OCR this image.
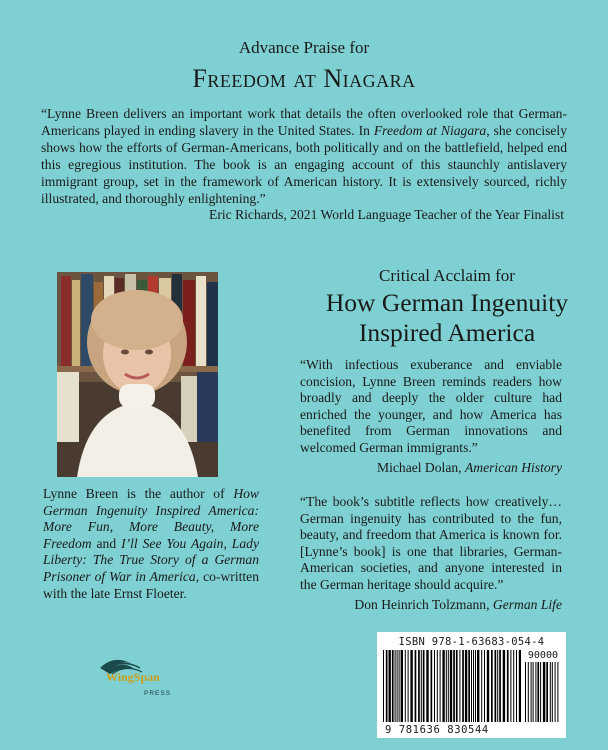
Advance Praise for
Freedom at Niagara
“Lynne Breen delivers an important work that details the often overlooked role that German-Americans played in ending slavery in the United States. In Freedom at Niagara, she concisely shows how the efforts of German-Americans, both politically and on the battlefield, helped end this egregious institution. The book is an engaging account of this staunchly antislavery immigrant group, set in the framework of American history. It is extensively sourced, richly illustrated, and thoroughly enlightening.”
Eric Richards, 2021 World Language Teacher of the Year Finalist
Lynne Breen is the author of How German Ingenuity Inspired America: More Fun, More Beauty, More Freedom and I’ll See You Again, Lady Liberty: The True Story of a German Prisoner of War in America, co-written with the late Ernst Floeter.
Critical Acclaim for
How German Ingenuity
Inspired America
“With infectious exuberance and enviable concision, Lynne Breen reminds readers how broadly and deeply the older culture had enriched the younger, and how America has benefited from German innovations and welcomed German immigrants.”
Michael Dolan, American History
“The book’s subtitle reflects how creatively… German ingenuity has contributed to the fun, beauty, and freedom that America is known for. [Lynne’s book] is one that libraries, German-American societies, and anyone interested in the German heritage should acquire.”
Don Heinrich Tolzmann, German Life
ISBN 978-1-63683-054-4
90000
9 781636 830544
WingSpan
PRESS
